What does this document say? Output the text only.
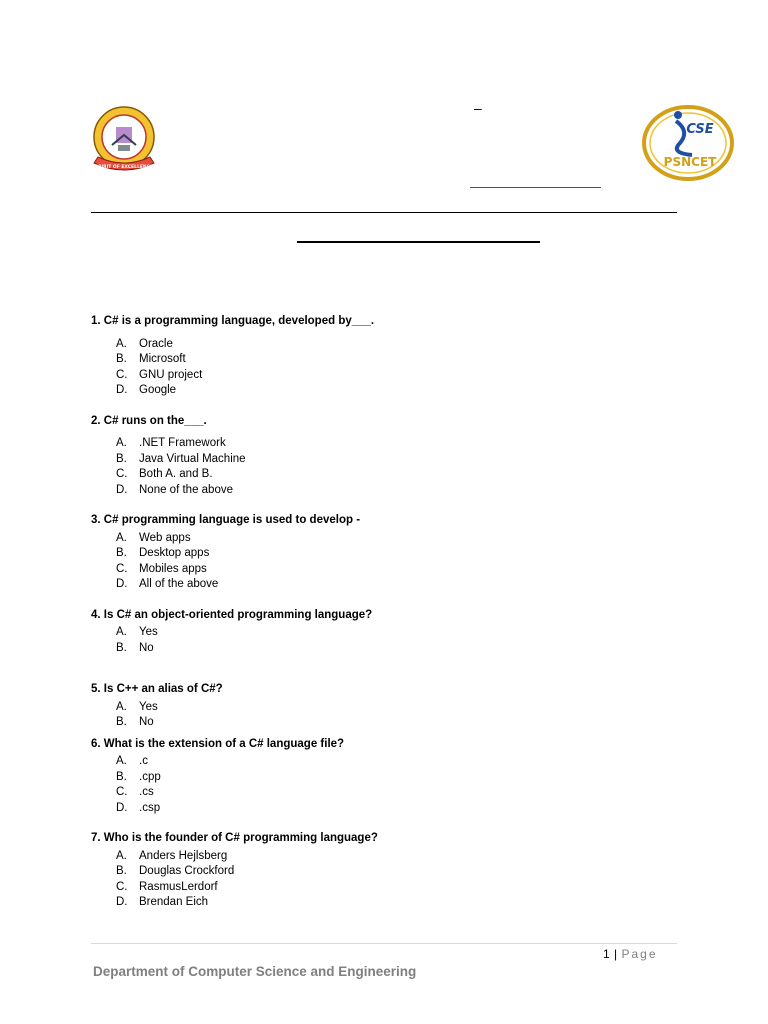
SPIRIT OF EXCELLENCE
–
CSE
PSNCET
1. C# is a programming language, developed by___.
A.	Oracle
B.	Microsoft
C.	GNU project
D.	Google
2. C# runs on the___.
A.	.NET Framework
B.	Java Virtual Machine
C.	Both A. and B.
D.	None of the above
3. C# programming language is used to develop -
A.	Web apps
B.	Desktop apps
C.	Mobiles apps
D.	All of the above
4. Is C# an object-oriented programming language?
A.	Yes
B.	No
5. Is C++ an alias of C#?
A.	Yes
B.	No
6. What is the extension of a C# language file?
A.	.c
B.	.cpp
C.	.cs
D.	.csp
7. Who is the founder of C# programming language?
A.	Anders Hejlsberg
B.	Douglas Crockford
C.	RasmusLerdorf
D.	Brendan Eich
1 | Page
Department of Computer Science and Engineering
